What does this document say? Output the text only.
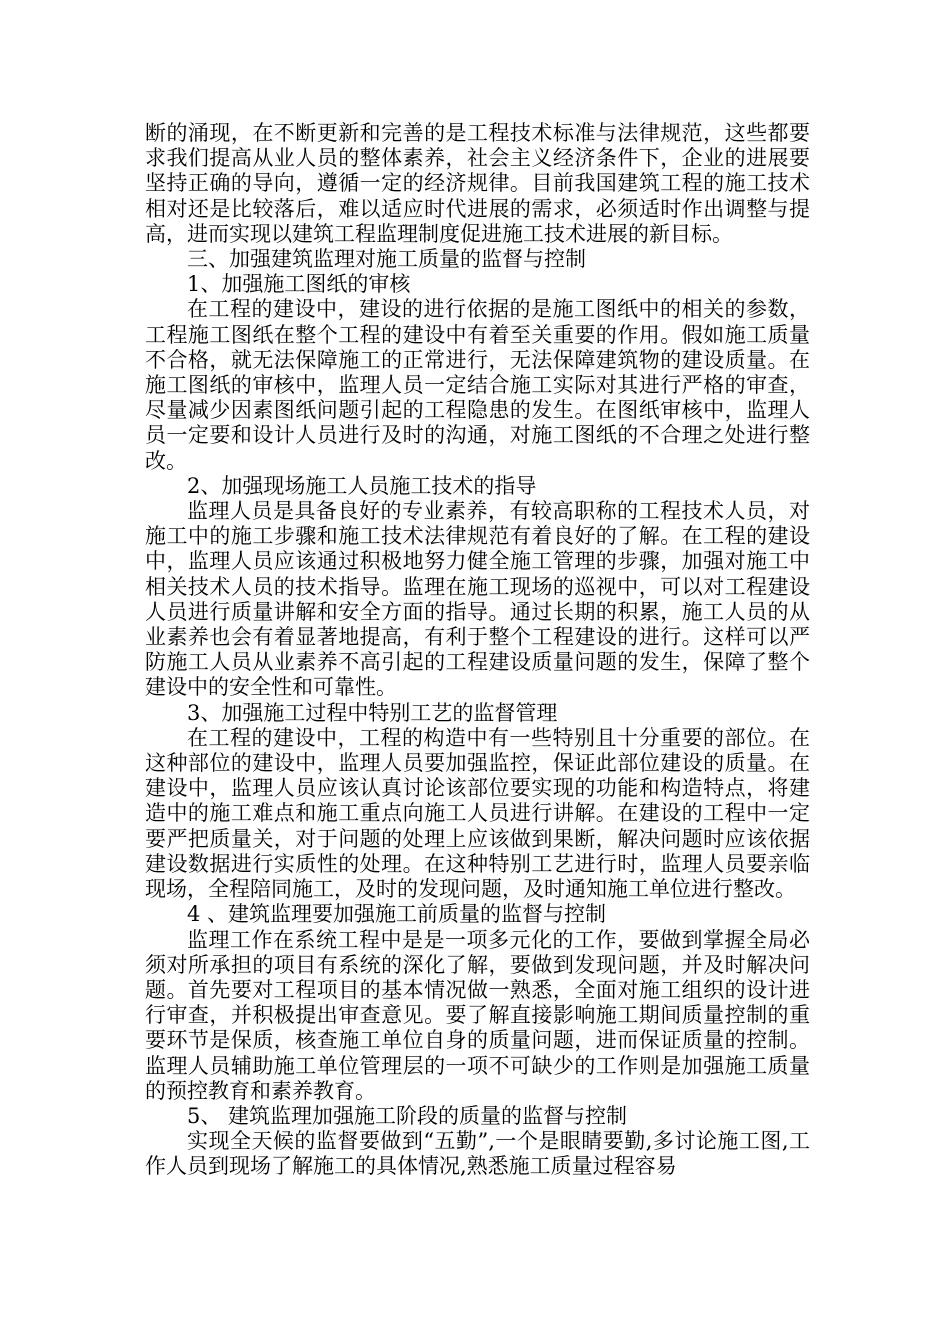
断的涌现，在不断更新和完善的是工程技术标准与法律规范，这些都要求我们提高从业人员的整体素养，社会主义经济条件下，企业的进展要坚持正确的导向，遵循一定的经济规律。目前我国建筑工程的施工技术相对还是比较落后，难以适应时代进展的需求，必须适时作出调整与提高，进而实现以建筑工程监理制度促进施工技术进展的新目标。

三、加强建筑监理对施工质量的监督与控制

1、加强施工图纸的审核

在工程的建设中，建设的进行依据的是施工图纸中的相关的参数，工程施工图纸在整个工程的建设中有着至关重要的作用。假如施工质量不合格，就无法保障施工的正常进行，无法保障建筑物的建设质量。在施工图纸的审核中，监理人员一定结合施工实际对其进行严格的审查，尽量减少因素图纸问题引起的工程隐患的发生。在图纸审核中，监理人员一定要和设计人员进行及时的沟通，对施工图纸的不合理之处进行整改。

2、加强现场施工人员施工技术的指导

监理人员是具备良好的专业素养，有较高职称的工程技术人员，对施工中的施工步骤和施工技术法律规范有着良好的了解。在工程的建设中，监理人员应该通过积极地努力健全施工管理的步骤，加强对施工中相关技术人员的技术指导。监理在施工现场的巡视中，可以对工程建设人员进行质量讲解和安全方面的指导。通过长期的积累，施工人员的从业素养也会有着显著地提高，有利于整个工程建设的进行。这样可以严防施工人员从业素养不高引起的工程建设质量问题的发生，保障了整个建设中的安全性和可靠性。

3、加强施工过程中特别工艺的监督管理

在工程的建设中，工程的构造中有一些特别且十分重要的部位。在这种部位的建设中，监理人员要加强监控，保证此部位建设的质量。在建设中，监理人员应该认真讨论该部位要实现的功能和构造特点，将建造中的施工难点和施工重点向施工人员进行讲解。在建设的工程中一定要严把质量关，对于问题的处理上应该做到果断，解决问题时应该依据建设数据进行实质性的处理。在这种特别工艺进行时，监理人员要亲临现场，全程陪同施工，及时的发现问题，及时通知施工单位进行整改。

4 、建筑监理要加强施工前质量的监督与控制

监理工作在系统工程中是是一项多元化的工作，要做到掌握全局必须对所承担的项目有系统的深化了解，要做到发现问题，并及时解决问题。首先要对工程项目的基本情况做一熟悉，全面对施工组织的设计进行审查，并积极提出审查意见。要了解直接影响施工期间质量控制的重要环节是保质，核查施工单位自身的质量问题，进而保证质量的控制。监理人员辅助施工单位管理层的一项不可缺少的工作则是加强施工质量的预控教育和素养教育。

5、 建筑监理加强施工阶段的质量的监督与控制

实现全天候的监督要做到“五勤”,一个是眼睛要勤,多讨论施工图,工作人员到现场了解施工的具体情况,熟悉施工质量过程容易
